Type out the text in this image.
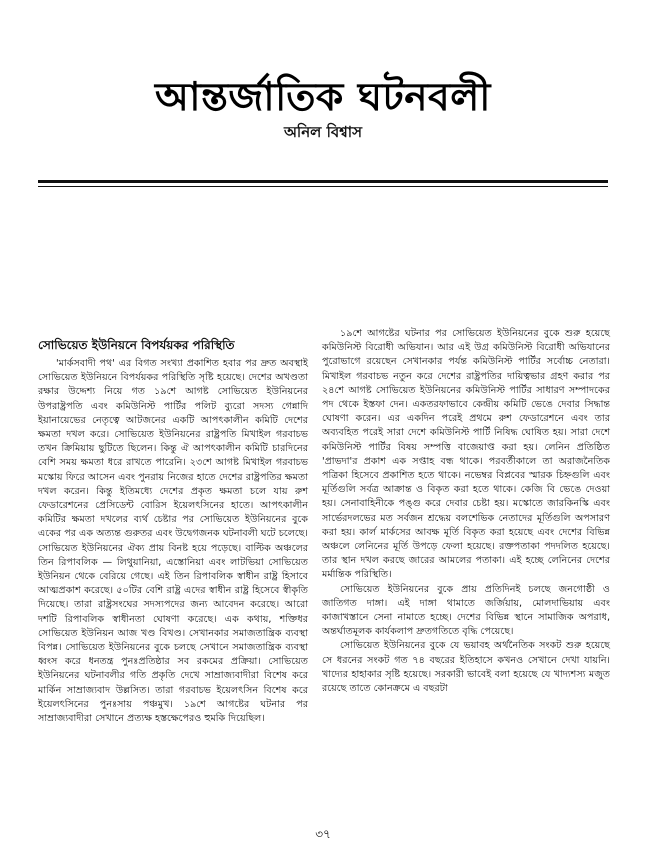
আন্তর্জাতিক ঘটনবলী
অনিল বিশ্বাস
সোভিয়েত ইউনিয়নে বিপর্যয়কর পরিস্থিতি

'মার্কসবাদী পথ' এর বিগত সংখ্যা প্রকাশিত হবার পর দ্রুত অবস্থাই সোভিয়েত ইউনিয়নে বিপর্যয়কর পরিস্থিতি সৃষ্টি হয়েছে। দেশের অখণ্ডতা রক্ষার উদ্দেশ্য নিয়ে গত ১৯শে আগষ্ট সোভিয়েত ইউনিয়নের উপরাষ্ট্রপতি এবং কমিউনিস্ট পার্টির পলিট ব্যুরো সদস্য গেন্নাদি ইয়ানায়েভের নেতৃত্বে আটজনের একটি আপৎকালীন কমিটি দেশের ক্ষমতা দখল করে। সোভিয়েত ইউনিয়নের রাষ্ট্রপতি মিখাইল গরবাচভ তখন ক্রিমিয়ায় ছুটিতে ছিলেন। কিন্তু ঐ আপৎকালীন কমিটি চারদিনের বেশি সময় ক্ষমতা ধরে রাখতে পারেনি। ২৩শে আগষ্ট মিখাইল গরবাচভ মস্কোয় ফিরে আসেন এবং পুনরায় নিজের হাতে দেশের রাষ্ট্রপতির ক্ষমতা দখল করেন। কিন্তু ইতিমধ্যে দেশের প্রকৃত ক্ষমতা চলে যায় রুশ ফেডারেশনের প্রেসিডেন্ট বোরিস ইয়েলৎসিনের হাতে। আপৎকালীন কমিটির ক্ষমতা দখলের ব্যর্থ চেষ্টার পর সোভিয়েত ইউনিয়নের বুকে একের পর এক অত্যন্ত গুরুতর এবং উদ্বেগজনক ঘটনাবলী ঘটে চলেছে। সোভিয়েত ইউনিয়নের ঐক্য প্রায় বিনষ্ট হয়ে পড়েছে। বাল্টিক অঞ্চলের তিন রিপাবলিক — লিথুয়ানিয়া, এস্তোনিয়া এবং লাটভিয়া সোভিয়েত ইউনিয়ন থেকে বেরিয়ে গেছে। এই তিন রিপাবলিক স্বাধীন রাষ্ট্র হিসাবে আত্মপ্রকাশ করেছে। ৫০টির বেশি রাষ্ট্র এদের স্বাধীন রাষ্ট্র হিসেবে স্বীকৃতি দিয়েছে। তারা রাষ্ট্রসংঘের সদস্যপদের জন্য আবেদন করেছে। আরো দশটি রিপাবলিক স্বাধীনতা ঘোষণা করেছে। এক কথায়, শক্তিধর সোভিয়েত ইউনিয়ন আজ খণ্ড বিখণ্ড। সেখানকার সমাজতান্ত্রিক ব্যবস্থা বিপন্ন। সোভিয়েত ইউনিয়নের বুকে চলছে সেখানে সমাজতান্ত্রিক ব্যবস্থা ধ্বংস করে ধনতন্ত্র পুনঃপ্রতিষ্ঠার সব রকমের প্রক্রিয়া। সোভিয়েত ইউনিয়নের ঘটনাবলীর গতি প্রকৃতি দেখে সাম্রাজ্যবাদীরা বিশেষ করে মার্কিন সাম্রাজ্যবাদ উল্লসিত। তারা গরবাচভ ইয়েলৎসিন বিশেষ করে ইয়েলৎসিনের পুনঃসায় পঞ্চমুখ। ১৯শে আগষ্টের ঘটনার পর সাম্রাজ্যবাদীরা সেখানে প্রত্যক্ষ হস্তক্ষেপেরও হুমকি দিয়েছিল।

১৯শে আগষ্টের ঘটনার পর সোভিয়েত ইউনিয়নের বুকে শুরু হয়েছে কমিউনিস্ট বিরোধী অভিযান। আর এই উগ্র কমিউনিস্ট বিরোধী অভিযানের পুরোভাগে রয়েছেন সেখানকার পর্যন্ত কমিউনিস্ট পার্টির সর্বোচ্চ নেতারা। মিখাইল গরবাচভ নতুন করে দেশের রাষ্ট্রপতির দায়িত্বভার গ্রহণ করার পর ২৪শে আগষ্ট সোভিয়েত ইউনিয়নের কমিউনিস্ট পার্টির সাধারণ সম্পাদকের পদ থেকে ইস্তফা দেন। একতরফাভাবে কেন্দ্রীয় কমিটি ভেঙে দেবার সিদ্ধান্ত ঘোষণা করেন। এর একদিন পরেই প্রথমে রুশ ফেডারেশনে এবং তার অব্যবহিত পরেই সারা দেশে কমিউনিস্ট পার্টি নিষিদ্ধ ঘোষিত হয়। সারা দেশে কমিউনিস্ট পার্টির বিষয় সম্পত্তি বাজেয়াপ্ত করা হয়। লেনিন প্রতিষ্ঠিত 'প্রাভদা'র প্রকাশ এক সপ্তাহ বন্ধ থাকে। পরবর্তীকালে তা অরাজনৈতিক পত্রিকা হিসেবে প্রকাশিত হতে থাকে। নভেম্বর বিপ্লবের স্মারক চিহ্নগুলি এবং মূর্তিগুলি সর্বত্র আক্রান্ত ও বিকৃত করা হতে থাকে। কেজি বি ভেঙে দেওয়া হয়। সেনাবাহিনীকে পঙ্গু করে দেবার চেষ্টা হয়। মস্কোতে জারকিনস্কি এবং সার্ভেরদলভের মত সর্বজন শ্রদ্ধেয় বলশেভিক নেতাদের মূর্তিগুলি অপসারণ করা হয়। কার্ল মার্কসের আবক্ষ মূর্তি বিকৃত করা হয়েছে এবং দেশের বিভিন্ন অঞ্চলে লেনিনের মূর্তি উপড়ে ফেলা হয়েছে। রক্তপতাকা পদদলিত হয়েছে। তার স্থান দখল করছে জারের আমলের পতাকা। এই হচ্ছে লেনিনের দেশের মর্মান্তিক পরিস্থিতি।

সোভিয়েত ইউনিয়নের বুকে প্রায় প্রতিদিনই চলছে জনগোষ্ঠী ও জাতিগত দাঙ্গা। এই দাঙ্গা থামাতে জর্জিয়ায়, মোলদাভিয়ায় এবং কাজাখস্তানে সেনা নামাতে হচ্ছে। দেশের বিভিন্ন স্থানে সামাজিক অপরাধ, অন্তর্ঘাতমূলক কার্যকলাপ দ্রুতগতিতে বৃদ্ধি পেয়েছে।

সোভিয়েত ইউনিয়নের বুকে যে ভয়াবহ অর্থনৈতিক সংকট শুরু হয়েছে সে ধরনের সংকট গত ৭৪ বছরের ইতিহাসে কখনও সেখানে দেখা যায়নি। খাদ্যের হাহাকার সৃষ্টি হয়েছে। সরকারী ভাবেই বলা হয়েছে যে খাদ্যশস্য মজুত রয়েছে তাতে কোনক্রমে এ বছরটা

৩৭
